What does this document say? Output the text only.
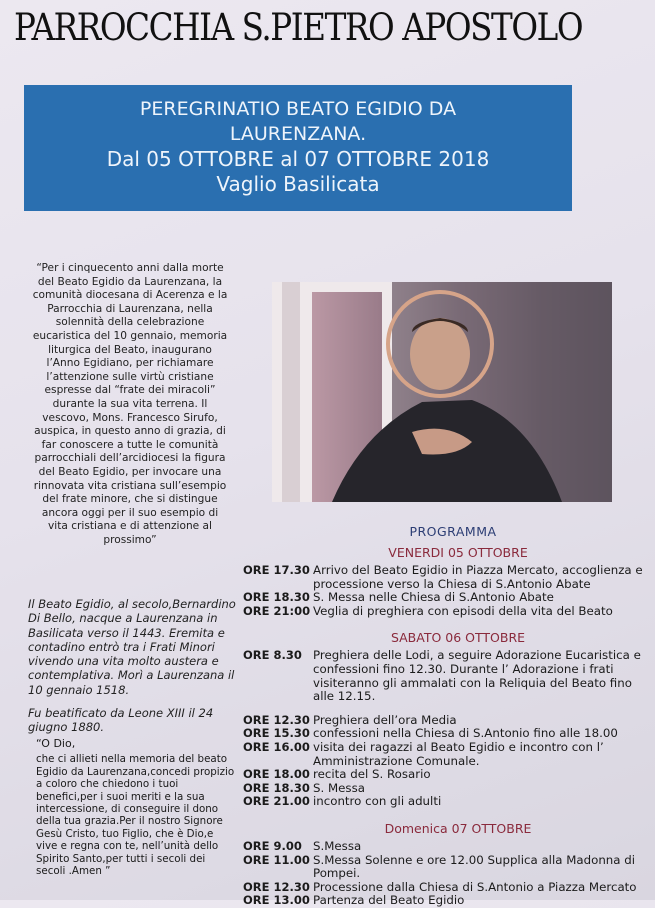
PARROCCHIA S.PIETRO APOSTOLO
PEREGRINATIO BEATO EGIDIO DA
LAURENZANA.
Dal 05 OTTOBRE al 07 OTTOBRE 2018
Vaglio Basilicata
“Per i cinquecento anni dalla morte del Beato Egidio da Laurenzana, la comunità diocesana di Acerenza e la Parrocchia di Laurenzana, nella solennità della celebrazione eucaristica del 10 gennaio, memoria liturgica del Beato, inaugurano l’Anno Egidiano, per richiamare l’attenzione sulle virtù cristiane espresse dal “frate dei miracoli” durante la sua vita terrena. Il vescovo, Mons. Francesco Sirufo, auspica, in questo anno di grazia, di far conoscere a tutte le comunità parrocchiali dell’arcidiocesi la figura del Beato Egidio, per invocare una rinnovata vita cristiana sull’esempio del frate minore, che si distingue ancora oggi per il suo esempio di vita cristiana e di attenzione al prossimo”

Il Beato Egidio, al secolo,Bernardino Di Bello, nacque a Laurenzana in Basilicata verso il 1443. Eremita e contadino entrò tra i Frati Minori vivendo una vita molto austera e contemplativa. Morì a Laurenzana il 10 gennaio 1518.

Fu beatificato da Leone XIII il 24 giugno 1880.

“O Dio,
che ci allieti nella memoria del beato Egidio da Laurenzana,concedi propizio a coloro che chiedono i tuoi benefici,per i suoi meriti e la sua intercessione, di conseguire il dono della tua grazia.Per il nostro Signore Gesù Cristo, tuo Figlio, che è Dio,e vive e regna con te, nell’unità dello Spirito Santo,per tutti i secoli dei secoli .Amen ”
PROGRAMMA
VENERDI 05 OTTOBRE
ORE 17.30 Arrivo del Beato Egidio in Piazza Mercato, accoglienza e processione verso la Chiesa di S.Antonio Abate
ORE 18.30 S. Messa nelle Chiesa di S.Antonio Abate
ORE 21:00 Veglia di preghiera con episodi della vita del Beato
SABATO 06 OTTOBRE
ORE 8.30 Preghiera delle Lodi, a seguire Adorazione Eucaristica e confessioni fino 12.30. Durante l’ Adorazione i frati visiteranno gli ammalati con la Reliquia del Beato fino alle 12.15.
ORE 12.30 Preghiera dell’ora Media
ORE 15.30 confessioni nella Chiesa di S.Antonio fino alle 18.00
ORE 16.00 visita dei ragazzi al Beato Egidio e incontro con l’ Amministrazione Comunale.
ORE 18.00 recita del S. Rosario
ORE 18.30 S. Messa
ORE 21.00 incontro con gli adulti
Domenica 07 OTTOBRE
ORE 9.00 S.Messa
ORE 11.00 S.Messa Solenne e ore 12.00 Supplica alla Madonna di Pompei.
ORE 12.30 Processione dalla Chiesa di S.Antonio a Piazza Mercato
ORE 13.00 Partenza del Beato Egidio
